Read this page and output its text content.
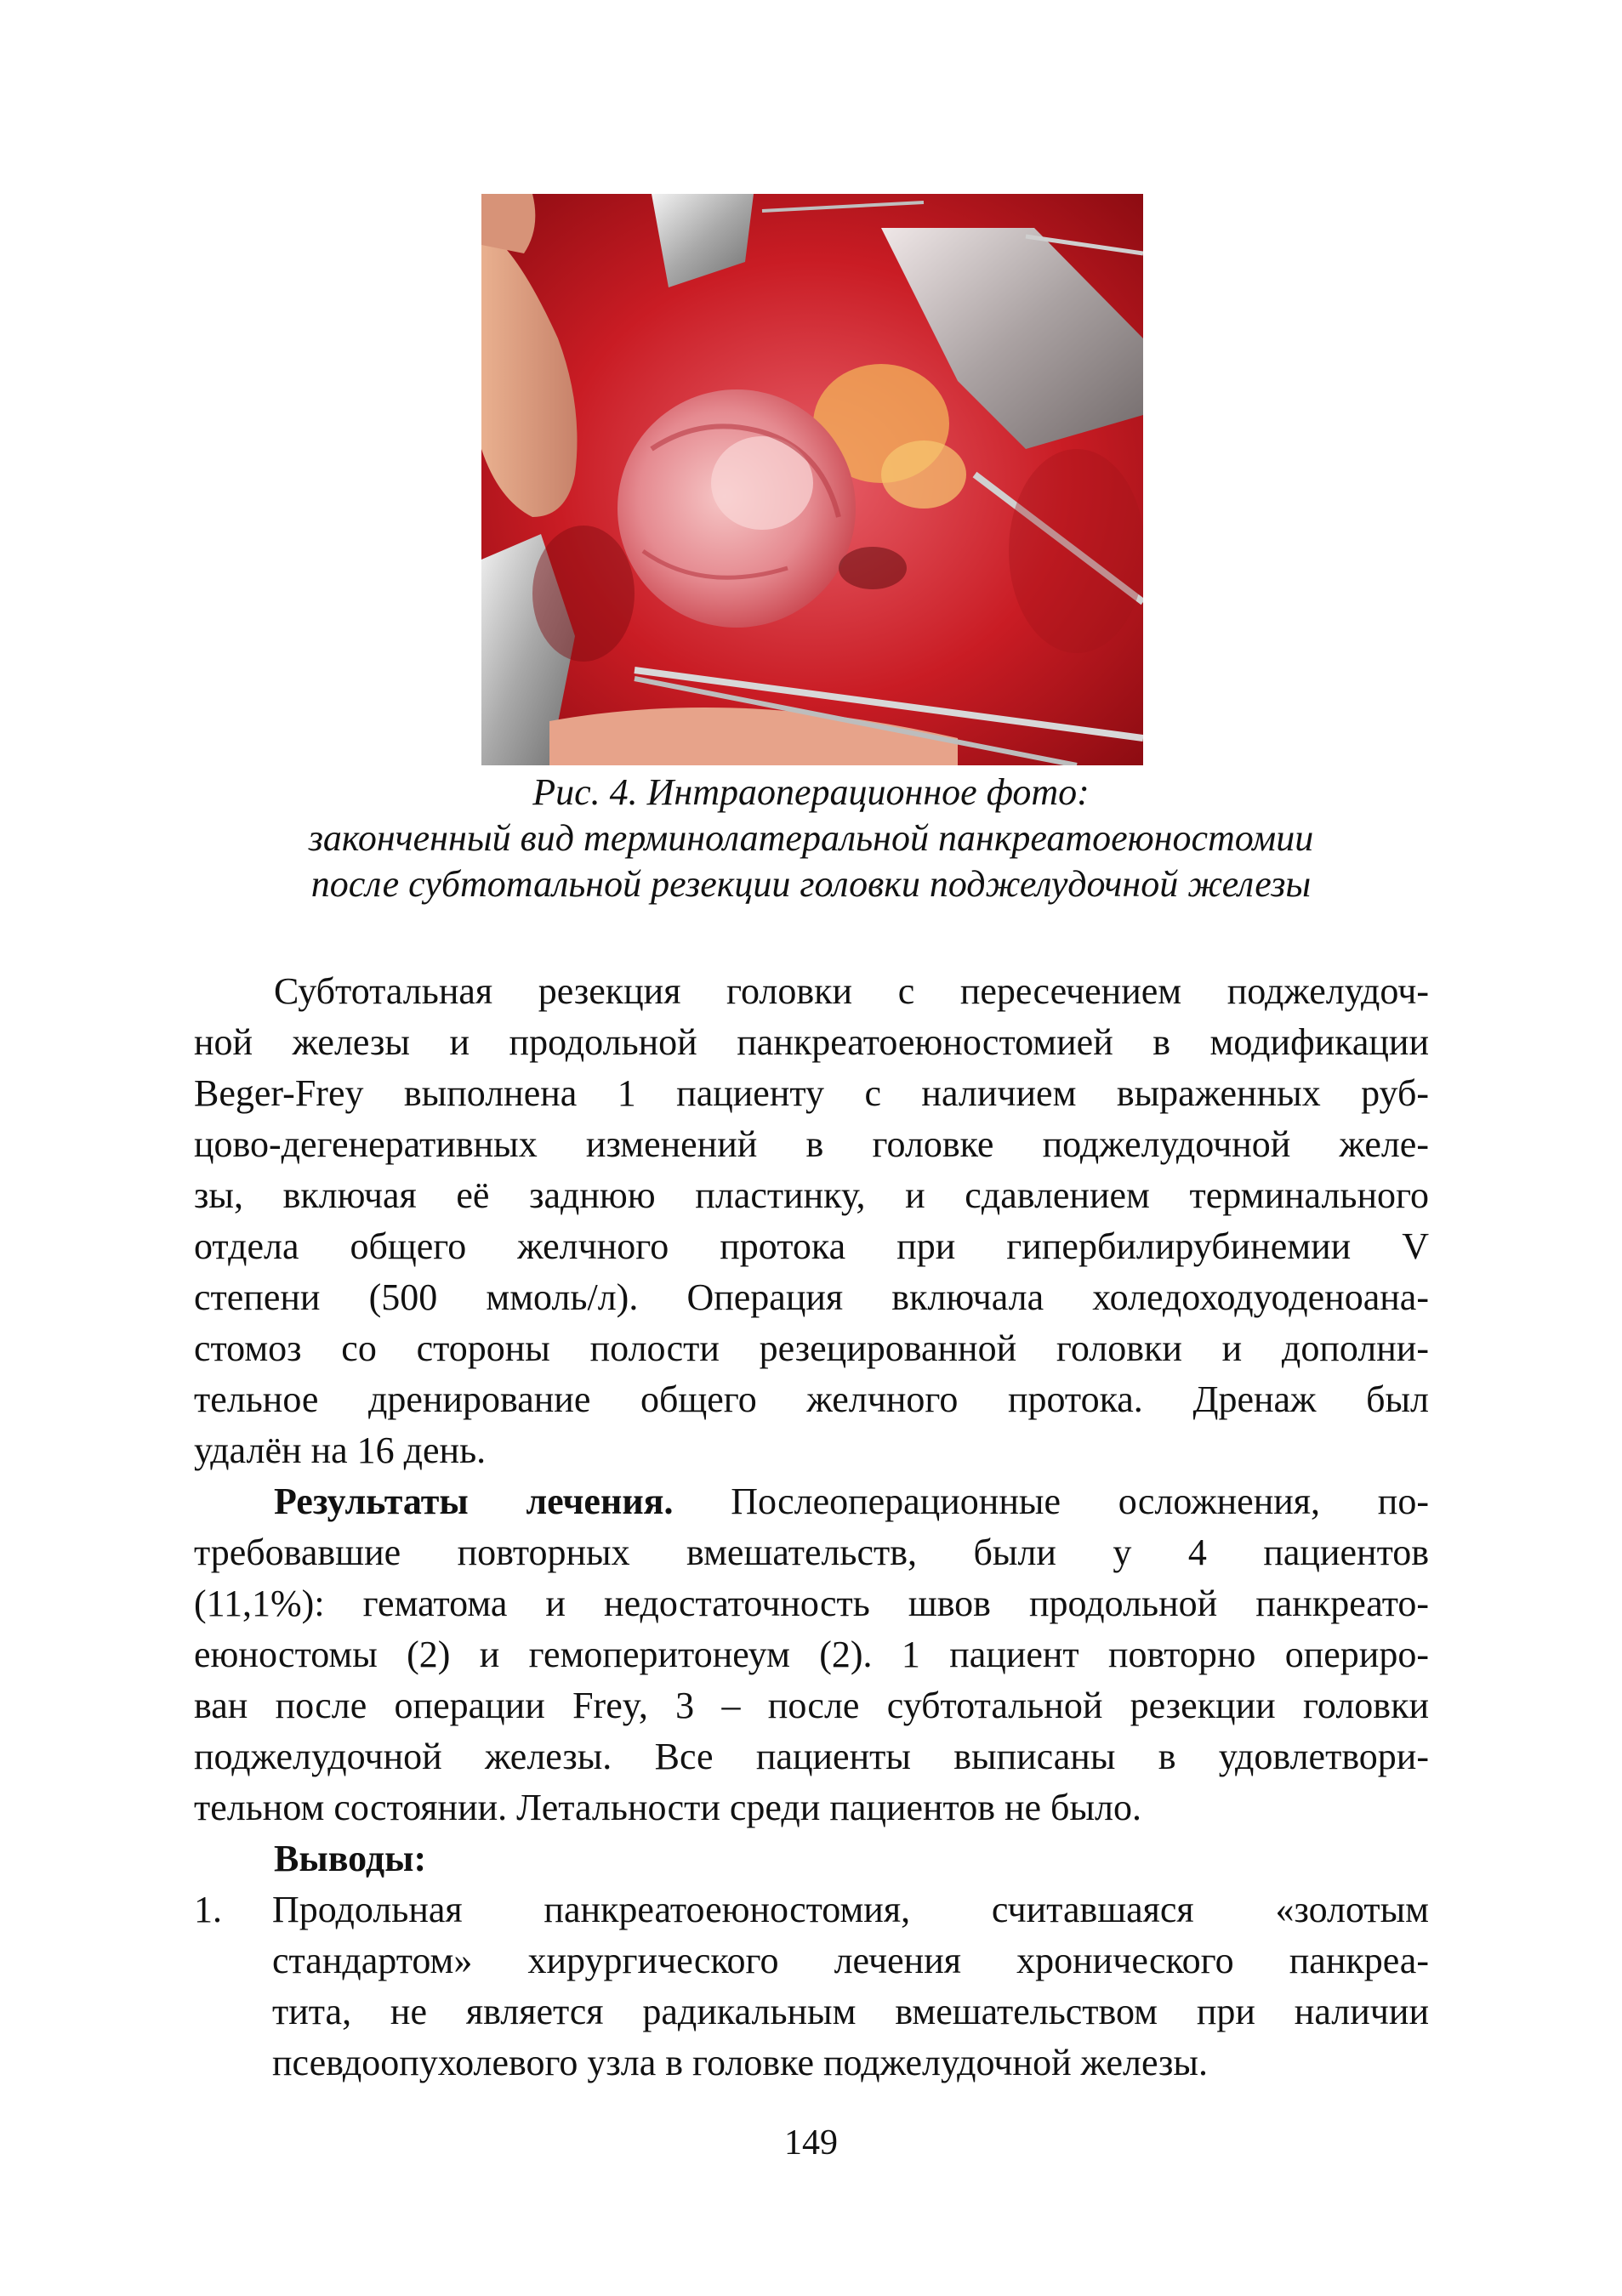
Рис. 4. Интраоперационное фото:
законченный вид терминолатеральной панкреатоеюностомии
после субтотальной резекции головки поджелудочной железы
Субтотальная резекция головки с пересечением поджелудоч-
ной железы и продольной панкреатоеюностомией в модификации
Beger-Frey выполнена 1 пациенту с наличием выраженных руб-
цово-дегенеративных изменений в головке поджелудочной желе-
зы, включая её заднюю пластинку, и сдавлением терминального
отдела общего желчного протока при гипербилирубинемии V
степени (500 ммоль/л). Операция включала холедоходуоденоана-
стомоз со стороны полости резецированной головки и дополни-
тельное дренирование общего желчного протока. Дренаж был
удалён на 16 день.
Результаты лечения. Послеоперационные осложнения, по-
требовавшие повторных вмешательств, были у 4 пациентов
(11,1%): гематома и недостаточность швов продольной панкреато-
еюностомы (2) и гемоперитонеум (2). 1 пациент повторно опериро-
ван после операции Frey, 3 – после субтотальной резекции головки
поджелудочной железы. Все пациенты выписаны в удовлетвори-
тельном состоянии. Летальности среди пациентов не было.
Выводы:
1. Продольная панкреатоеюностомия, считавшаяся «золотым
стандартом» хирургического лечения хронического панкреа-
тита, не является радикальным вмешательством при наличии
псевдоопухолевого узла в головке поджелудочной железы.
149
